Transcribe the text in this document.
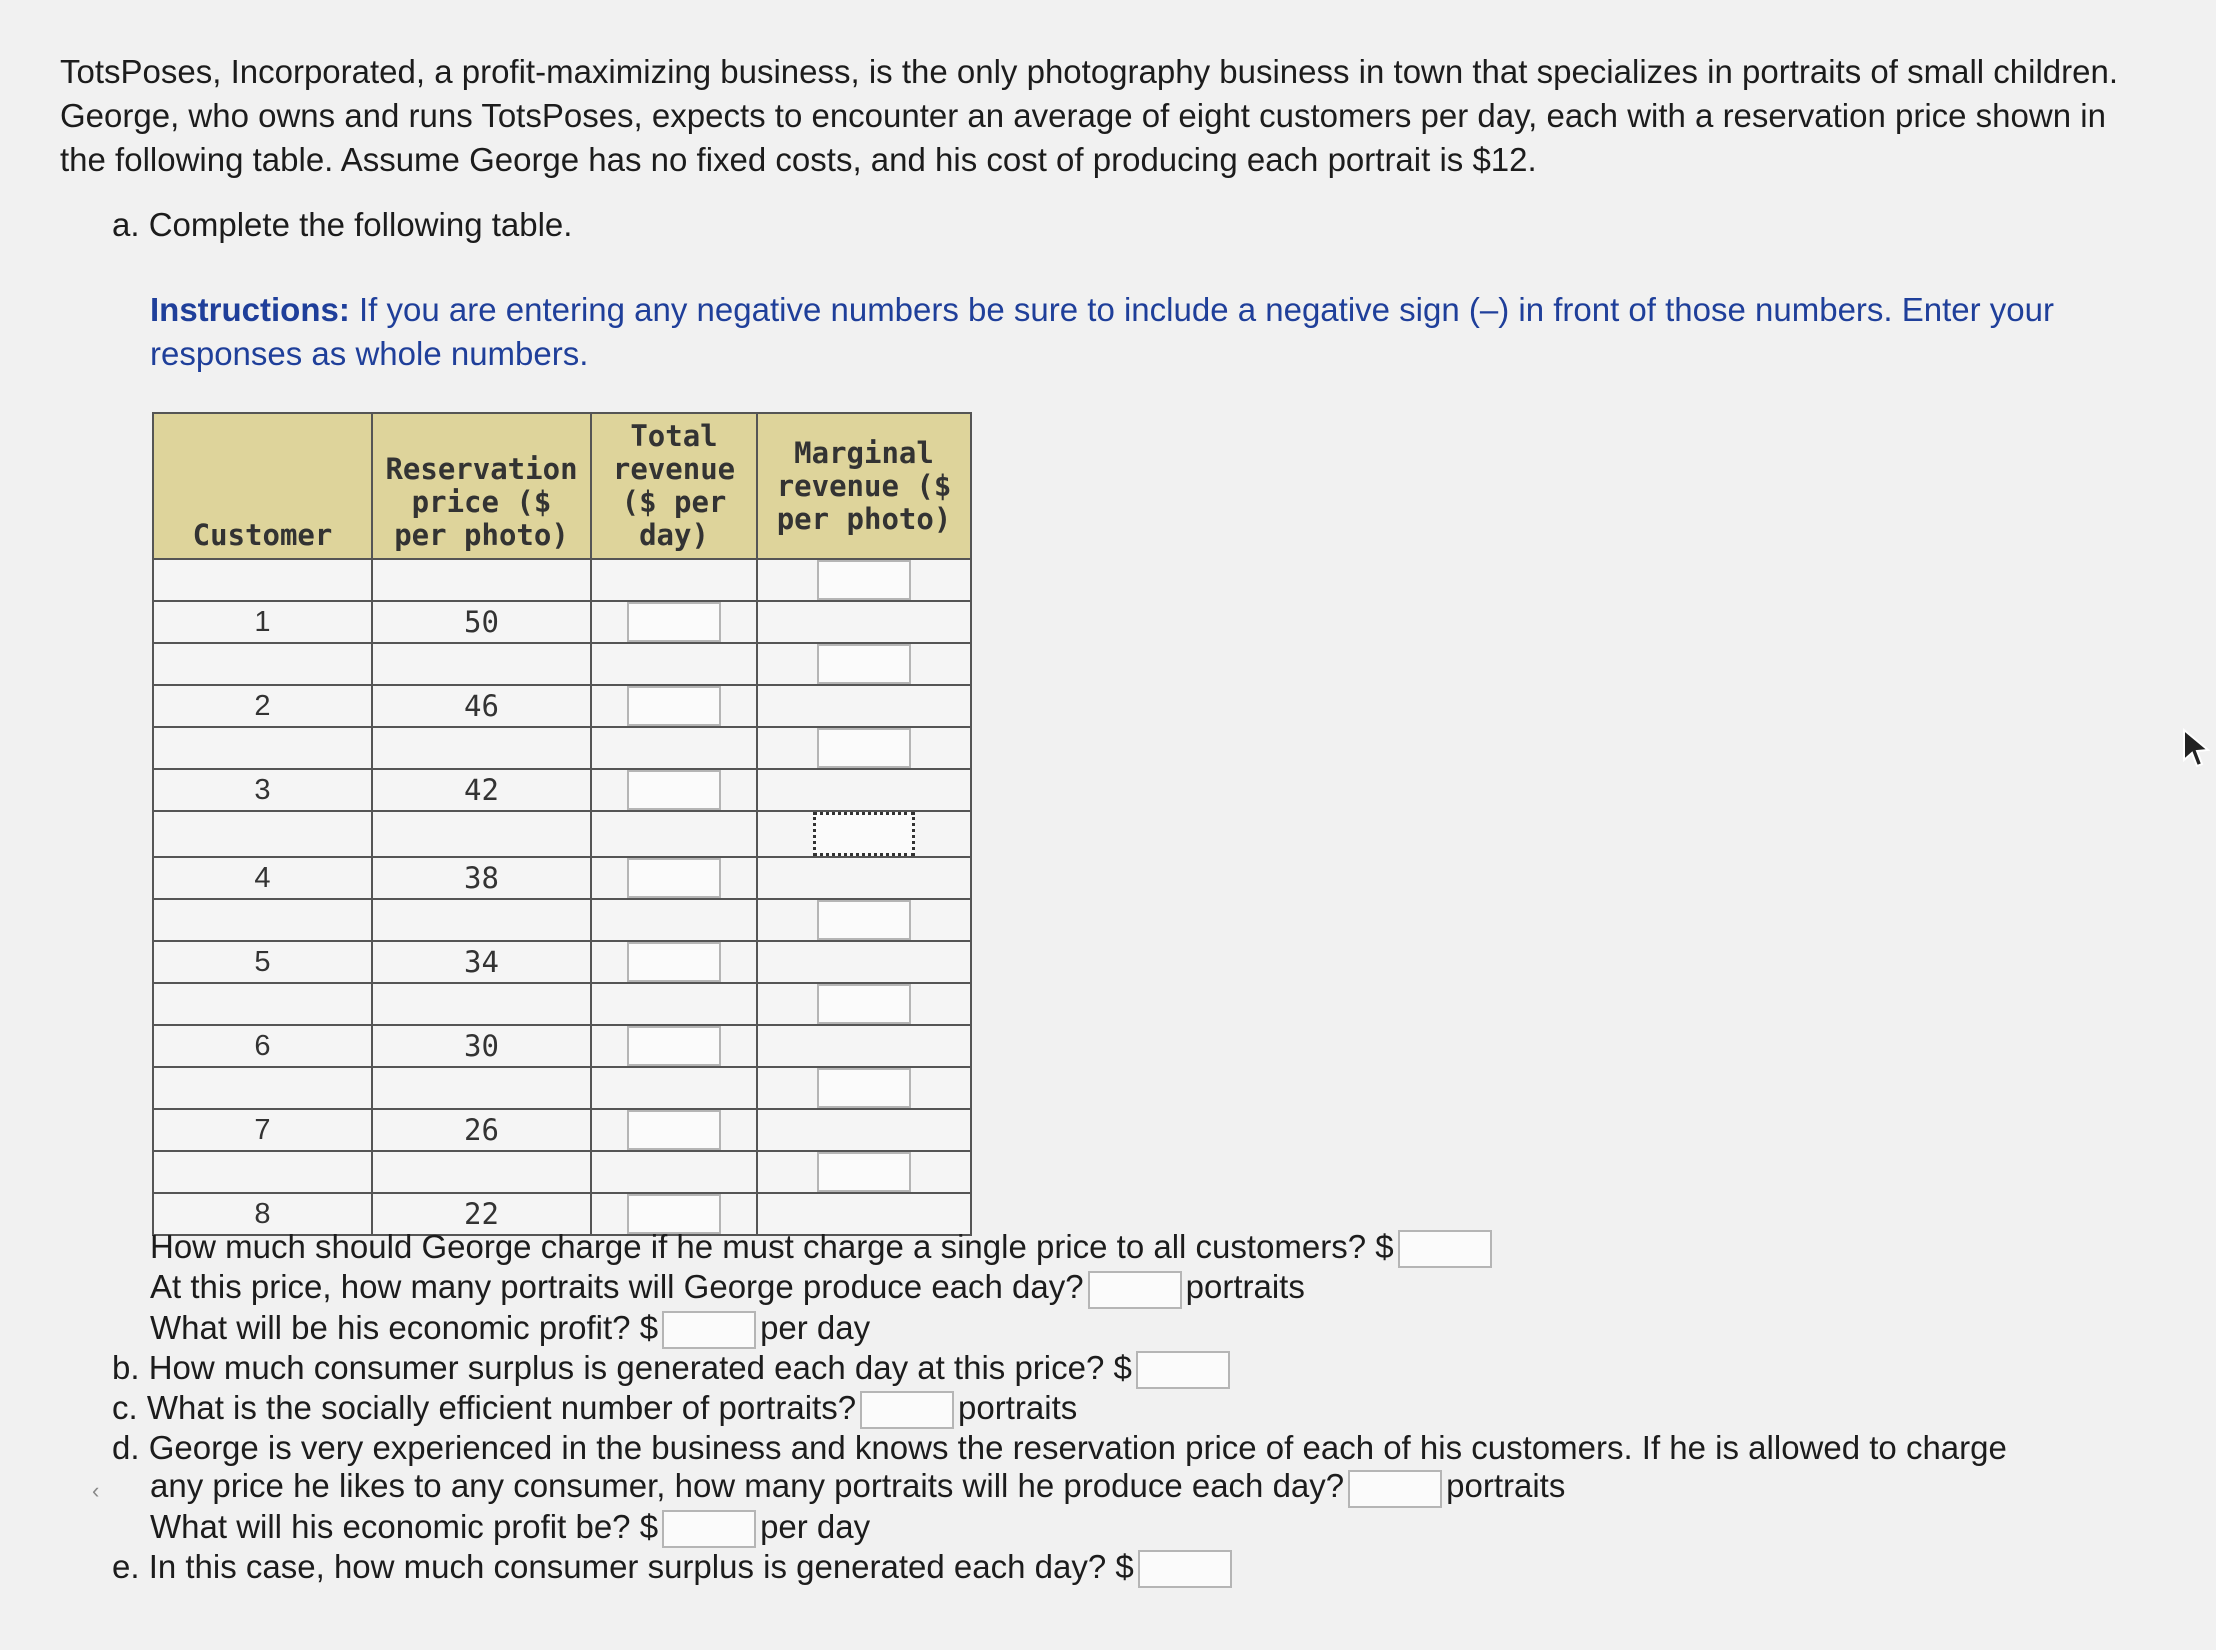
TotsPoses, Incorporated, a profit-maximizing business, is the only photography business in town that specializes in portraits of small children. George, who owns and runs TotsPoses, expects to encounter an average of eight customers per day, each with a reservation price shown in the following table. Assume George has no fixed costs, and his cost of producing each portrait is $12.

a. Complete the following table.
Instructions: If you are entering any negative numbers be sure to include a negative sign (–) in front of those numbers. Enter your responses as whole numbers.
Customer	Reservation price ($ per photo)	Total revenue ($ per day)	Marginal revenue ($ per photo)

1	50		

2	46		

3	42		

4	38		

5	34		

6	30		

7	26		

8	22		

How much should George charge if he must charge a single price to all customers? $

At this price, how many portraits will George produce each day?	portraits

What will be his economic profit? $	per day

b. How much consumer surplus is generated each day at this price? $

c. What is the socially efficient number of portraits?	portraits

d. George is very experienced in the business and knows the reservation price of each of his customers. If he is allowed to charge

any price he likes to any consumer, how many portraits will he produce each day?	portraits

What will his economic profit be? $	per day

e. In this case, how much consumer surplus is generated each day? $

‹
